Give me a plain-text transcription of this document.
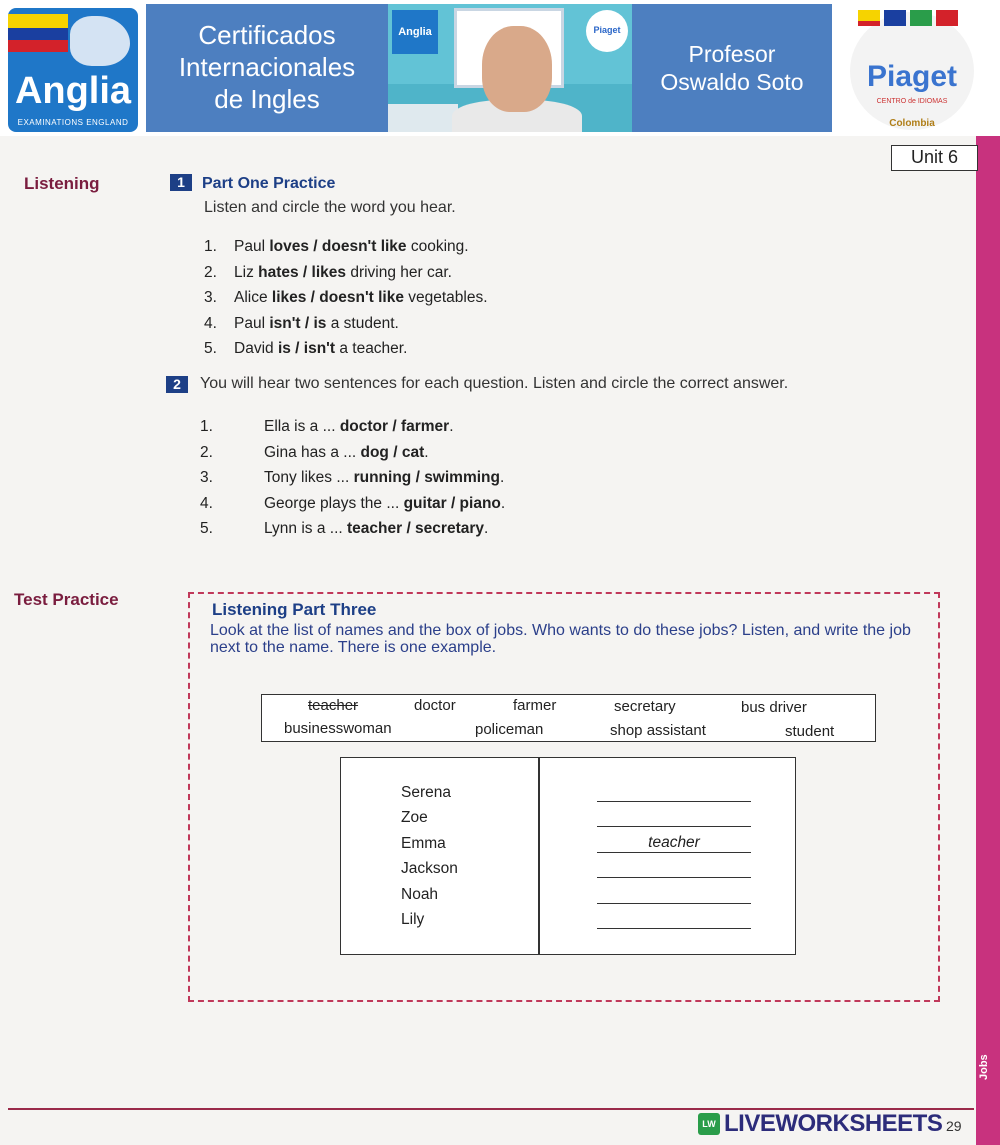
Anglia
EXAMINATIONS ENGLAND
Certificados
Internacionales
de Ingles
Anglia	Piaget
Profesor
Oswaldo Soto	Piaget
CENTRO de IDIOMAS
Colombia
Unit 6
Listening	1 Part One Practice
Listen and circle the word you hear.
1. Paul loves / doesn't like cooking.
2. Liz hates / likes driving her car.
3. Alice likes / doesn't like vegetables.
4. Paul isn't / is a student.
5. David is / isn't a teacher.
2	You will hear two sentences for each question. Listen and circle the correct answer.
1.	Ella is a ... doctor / farmer.
2.	Gina has a ... dog / cat.
3.	Tony likes ... running / swimming.
4.	George plays the ... guitar / piano.
5.	Lynn is a ... teacher / secretary.
Test Practice
Listening Part Three
Look at the list of names and the box of jobs. Who wants to do these jobs? Listen, and write the job next to the name. There is one example.
teacher	doctor	farmer	secretary	bus driver
businesswoman	policeman	shop assistant	student
Serena
Zoe
Emma	teacher
Jackson
Noah
Lily
Jobs
LW LIVEWORKSHEETS 29
